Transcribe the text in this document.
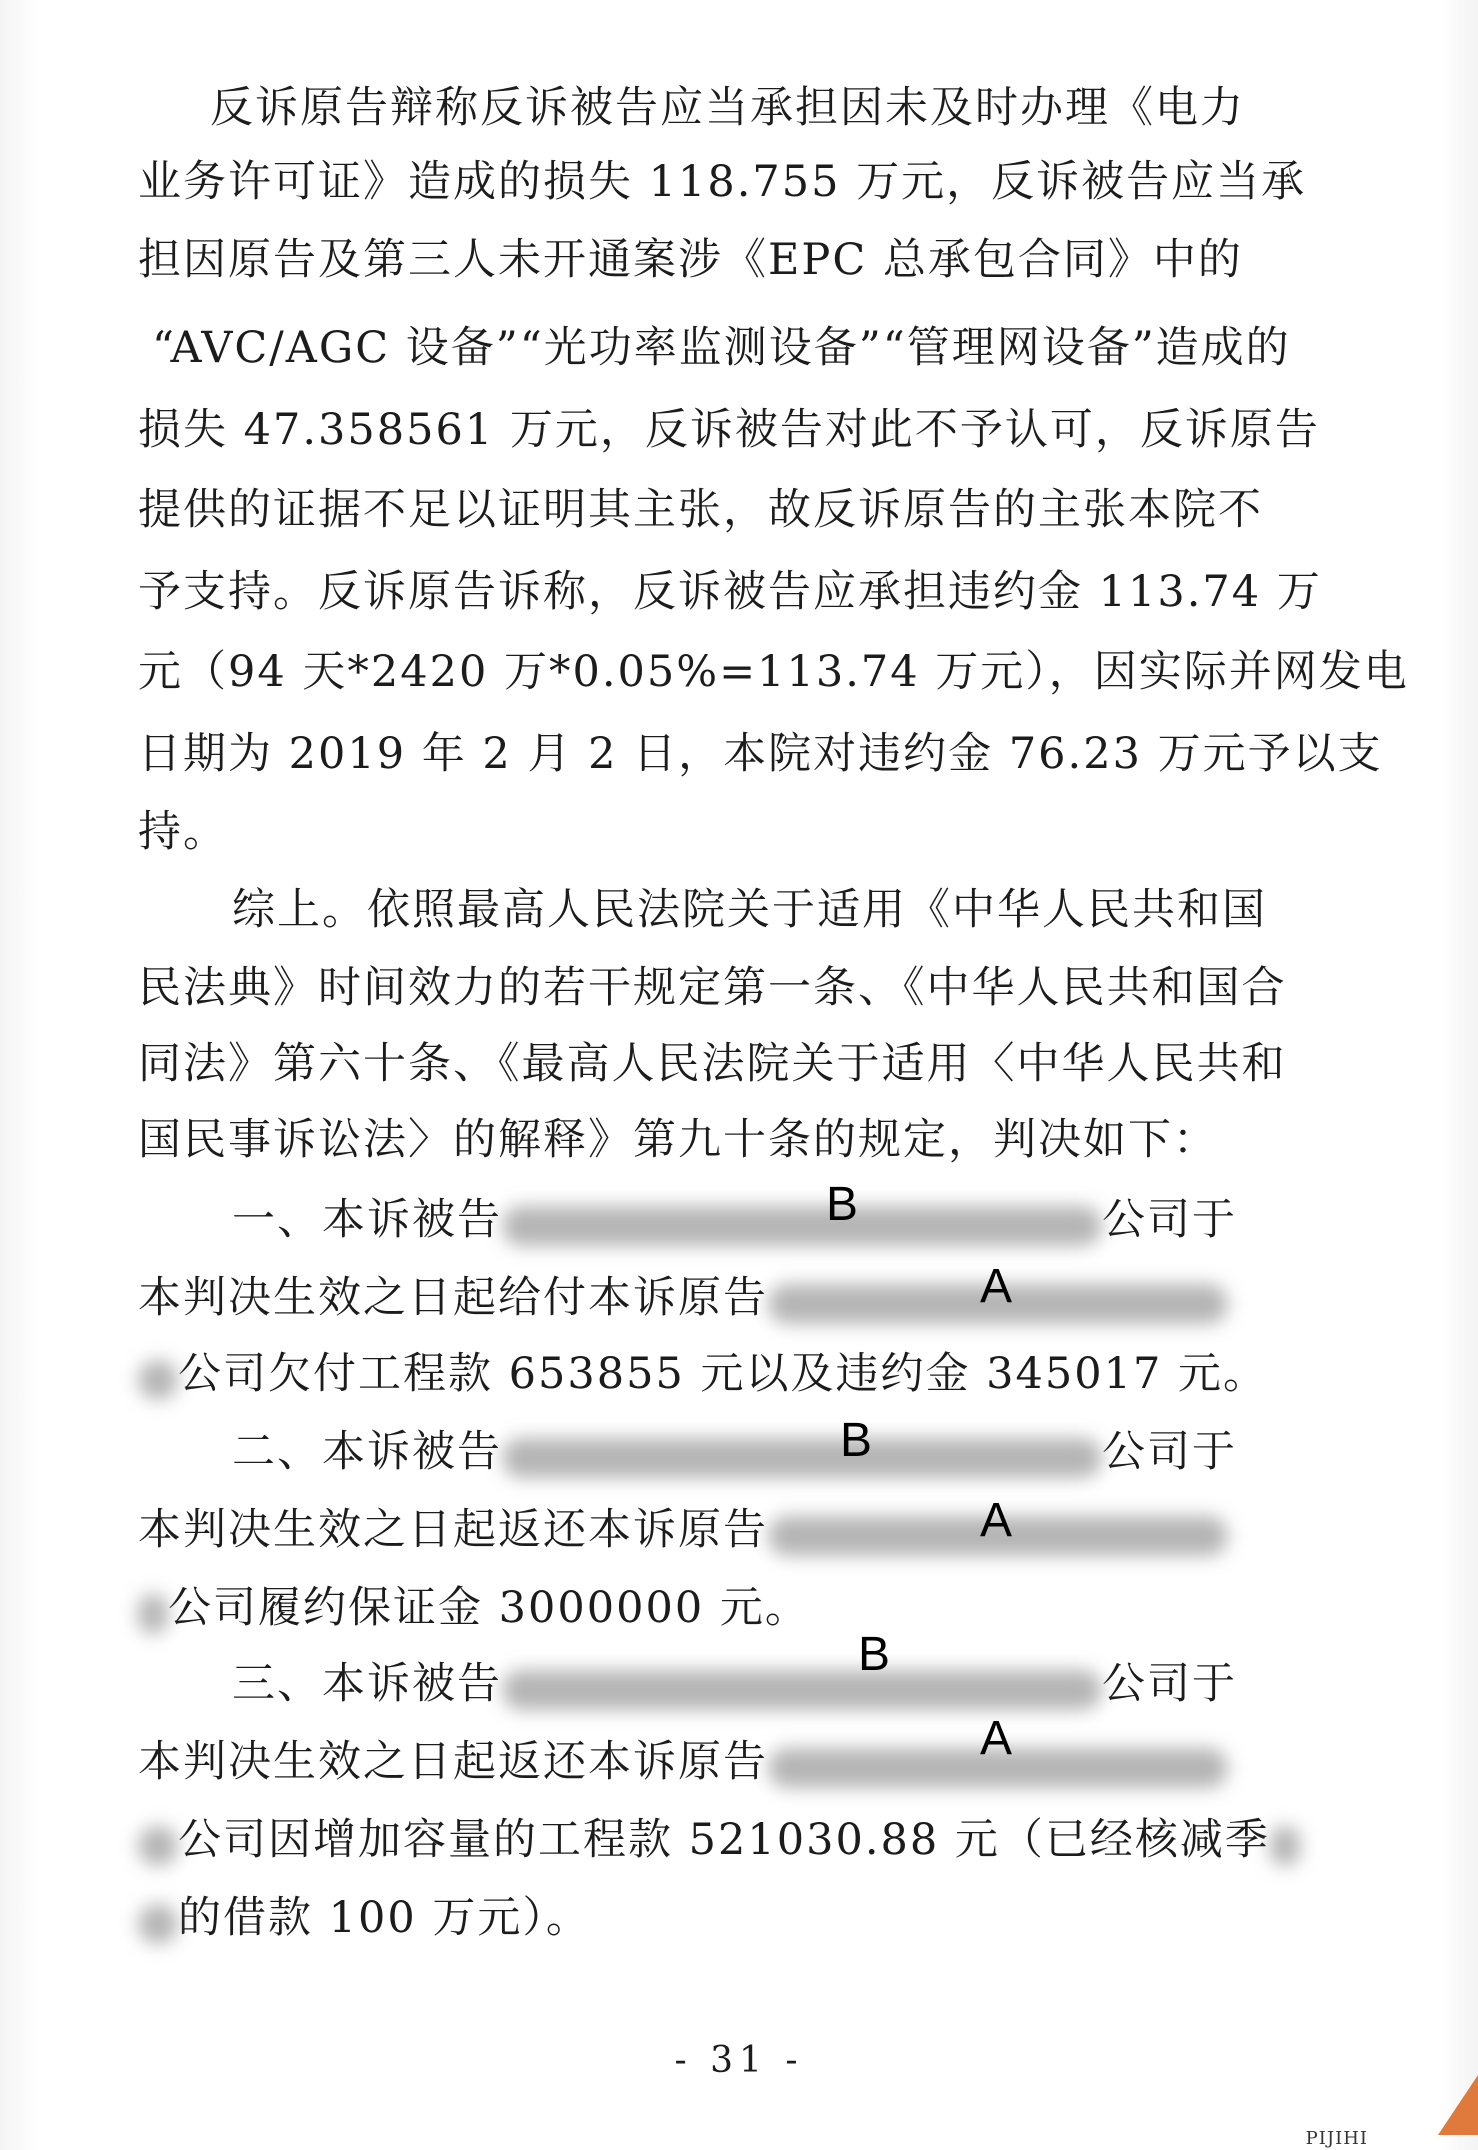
反诉原告辩称反诉被告应当承担因未及时办理《电力
业务许可证》造成的损失 118.755 万元，反诉被告应当承
担因原告及第三人未开通案涉《EPC 总承包合同》中的
“AVC/AGC 设备”“光功率监测设备”“管理网设备”造成的
损失 47.358561 万元，反诉被告对此不予认可，反诉原告
提供的证据不足以证明其主张，故反诉原告的主张本院不
予支持。反诉原告诉称，反诉被告应承担违约金 113.74 万
元（94 天*2420 万*0.05%=113.74 万元），因实际并网发电
日期为 2019 年 2 月 2 日，本院对违约金 76.23 万元予以支
持。
综上。依照最高人民法院关于适用《中华人民共和国
民法典》时间效力的若干规定第一条、《中华人民共和国合
同法》第六十条、《最高人民法院关于适用〈中华人民共和
国民事诉讼法〉的解释》第九十条的规定，判决如下：
一、本诉被告	公司于
本判决生效之日起给付本诉原告
公司欠付工程款 653855 元以及违约金 345017 元。
二、本诉被告	公司于
本判决生效之日起返还本诉原告
公司履约保证金 3000000 元。
三、本诉被告	公司于
本判决生效之日起返还本诉原告
公司因增加容量的工程款 521030.88 元（已经核减季
的借款 100 万元）。
B
A
B
A
B
A
- 31 -
PIJIHI
